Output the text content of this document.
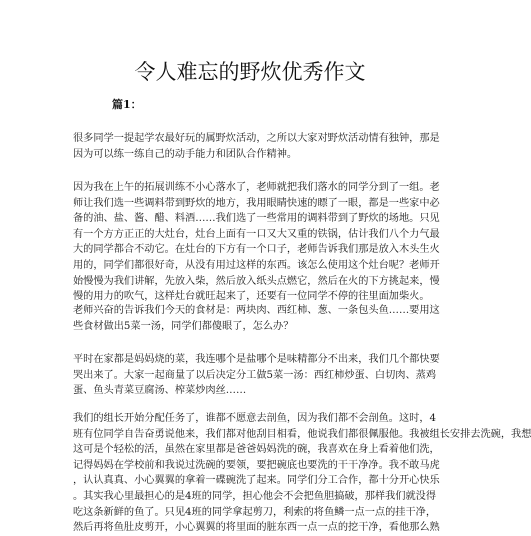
令人难忘的野炊优秀作文
篇1：
很多同学一提起学农最好玩的属野炊活动，之所以大家对野炊活动情有独钟，那是
因为可以练一练自己的动手能力和团队合作精神。
因为我在上午的拓展训练不小心落水了，老师就把我们落水的同学分到了一组。老
师让我们选一些调料带到野炊的地方，我用眼睛快速的瞟了一眼，都是一些家中必
备的油、盐、酱、醋、料酒……我们选了一些常用的调料带到了野炊的场地。只见
有一个方方正正的大灶台，灶台上面有一口又大又重的铁锅，估计我们八个力气最
大的同学都合不动它。在灶台的下方有一个口子，老师告诉我们那是放入木头生火
用的，同学们都很好奇，从没有用过这样的东西。该怎么使用这个灶台呢？老师开
始慢慢为我们讲解，先放入柴，然后放入纸头点燃它，然后在火的下方挑起来，慢
慢的用力的吹气，这样灶台就旺起来了，还要有一位同学不停的往里面加柴火。
老师兴奋的告诉我们今天的食材是：两块肉、西红柿、葱、一条包头鱼……要用这
些食材做出5菜一汤，同学们都傻眼了，怎么办？
平时在家都是妈妈烧的菜，我连哪个是盐哪个是味精都分不出来，我们几个都快要
哭出来了。大家一起商量了以后决定分工做5菜一汤：西红柿炒蛋、白切肉、蒸鸡
蛋、鱼头青菜豆腐汤、榨菜炒肉丝……
我们的组长开始分配任务了，谁都不愿意去剖鱼，因为我们都不会剖鱼。这时，4
班有位同学自告奋勇说他来，我们都对他刮目相看，他说我们都很佩服他。我被组长安排去洗碗，我想
这可是个轻松的活，虽然在家里都是爸爸妈妈洗的碗，我喜欢在身上看着他们洗，
记得妈妈在学校前和我说过洗碗的要领，要把碗底也要洗的干干净净。我不敢马虎
，认认真真、小心翼翼的拿着一碟碗洗了起来。同学们分工合作，都十分开心快乐
。其实我心里最担心的是4班的同学，担心他会不会把鱼胆搞破，那样我们就没得
吃这条新鲜的鱼了。只见4班的同学拿起剪刀，利索的将鱼鳞一点一点的挂干净，
然后再将鱼肚皮剪开，小心翼翼的将里面的脏东西一点一点的挖干净，看他那么熟
